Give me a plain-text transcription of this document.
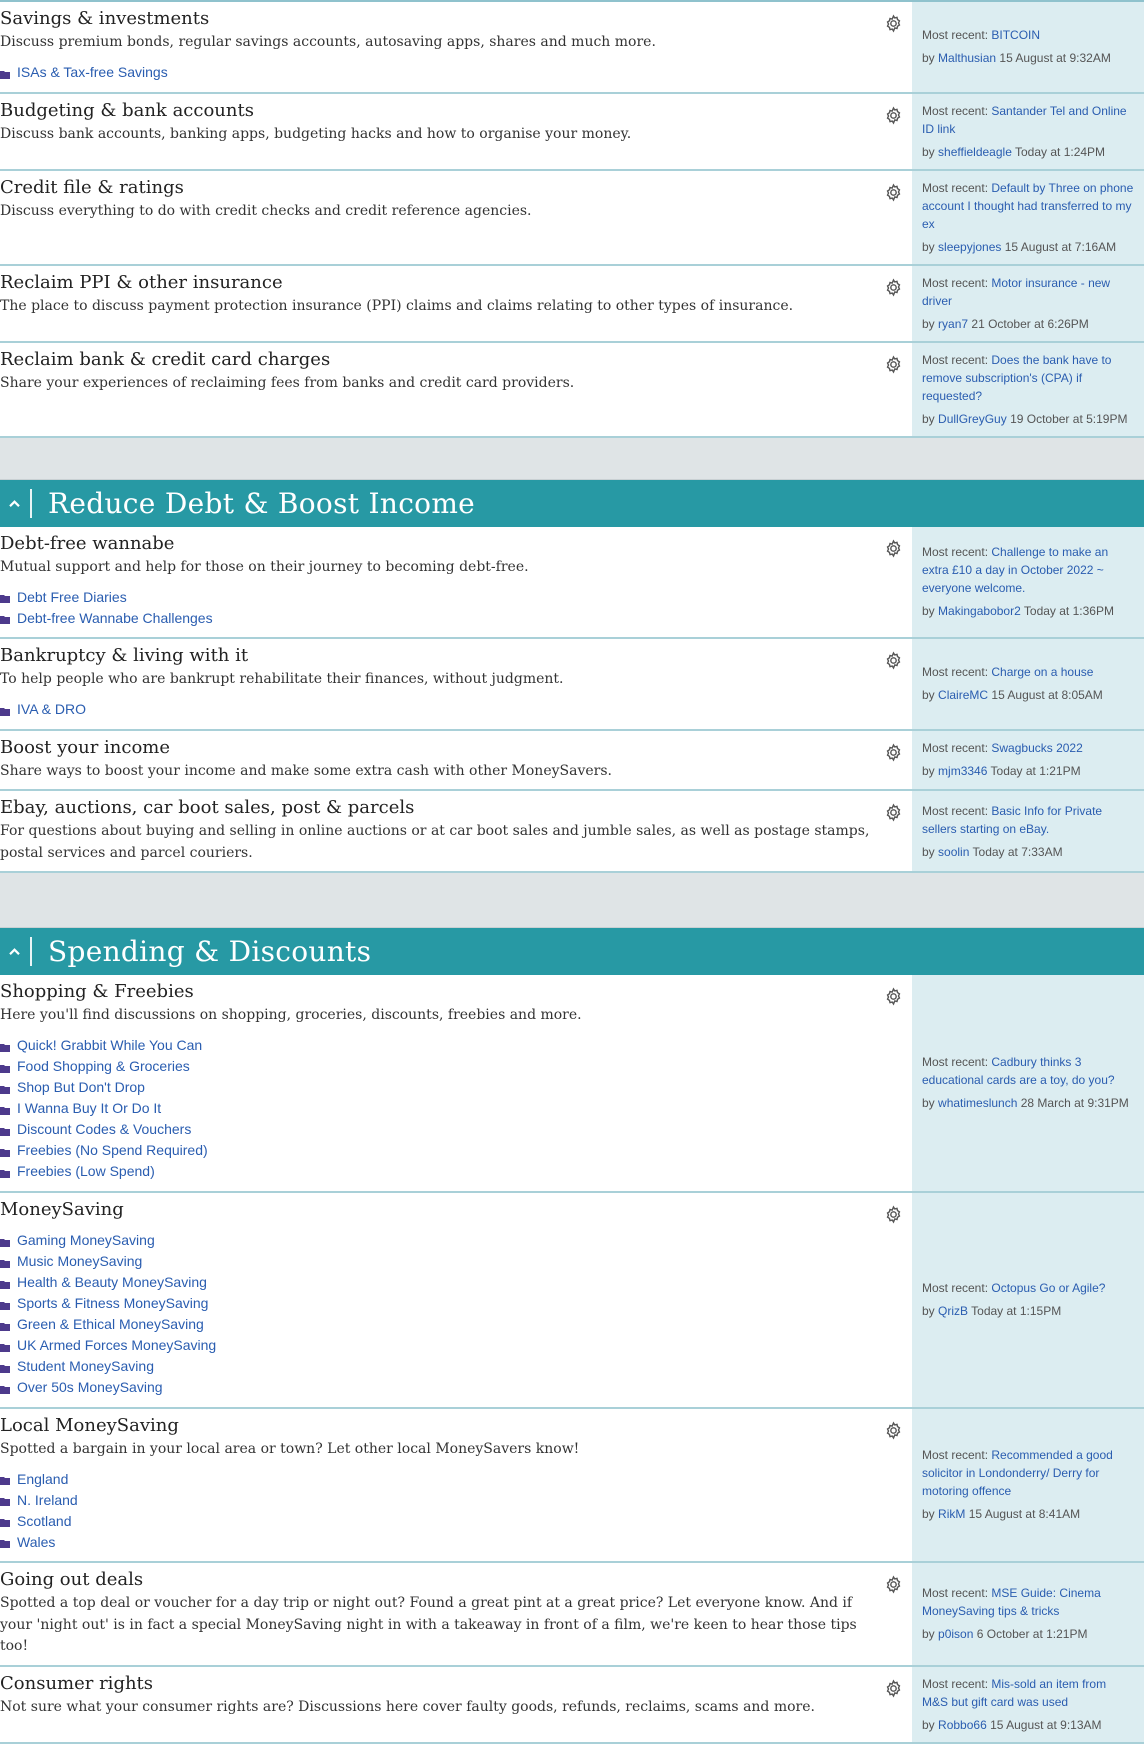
Savings & investments

Discuss premium bonds, regular savings accounts, autosaving apps, shares and much more.

ISAs & Tax-free Savings
Most recent: BITCOIN
by Malthusian 15 August at 9:32AM
Budgeting & bank accounts

Discuss bank accounts, banking apps, budgeting hacks and how to organise your money.

Most recent: Santander Tel and Online ID link
by sheffieldeagle Today at 1:24PM
Credit file & ratings

Discuss everything to do with credit checks and credit reference agencies.

Most recent: Default by Three on phone account I thought had transferred to my ex
by sleepyjones 15 August at 7:16AM
Reclaim PPI & other insurance

The place to discuss payment protection insurance (PPI) claims and claims relating to other types of insurance.

Most recent: Motor insurance - new driver
by ryan7 21 October at 6:26PM
Reclaim bank & credit card charges

Share your experiences of reclaiming fees from banks and credit card providers.

Most recent: Does the bank have to remove subscription's (CPA) if requested?
by DullGreyGuy 19 October at 5:19PM
Reduce Debt & Boost Income
Debt-free wannabe

Mutual support and help for those on their journey to becoming debt-free.

Debt Free Diaries
Debt-free Wannabe Challenges
Most recent: Challenge to make an extra £10 a day in October 2022 ~ everyone welcome.
by Makingabobor2 Today at 1:36PM
Bankruptcy & living with it

To help people who are bankrupt rehabilitate their finances, without judgment.

IVA & DRO
Most recent: Charge on a house
by ClaireMC 15 August at 8:05AM
Boost your income

Share ways to boost your income and make some extra cash with other MoneySavers.

Most recent: Swagbucks 2022
by mjm3346 Today at 1:21PM
Ebay, auctions, car boot sales, post & parcels

For questions about buying and selling in online auctions or at car boot sales and jumble sales, as well as postage stamps, postal services and parcel couriers.

Most recent: Basic Info for Private sellers starting on eBay.
by soolin Today at 7:33AM
Spending & Discounts
Shopping & Freebies

Here you'll find discussions on shopping, groceries, discounts, freebies and more.

Quick! Grabbit While You Can
Food Shopping & Groceries
Shop But Don't Drop
I Wanna Buy It Or Do It
Discount Codes & Vouchers
Freebies (No Spend Required)
Freebies (Low Spend)
Most recent: Cadbury thinks 3 educational cards are a toy, do you?
by whatimeslunch 28 March at 9:31PM
MoneySaving
Gaming MoneySaving
Music MoneySaving
Health & Beauty MoneySaving
Sports & Fitness MoneySaving
Green & Ethical MoneySaving
UK Armed Forces MoneySaving
Student MoneySaving
Over 50s MoneySaving
Most recent: Octopus Go or Agile?
by QrizB Today at 1:15PM
Local MoneySaving

Spotted a bargain in your local area or town? Let other local MoneySavers know!

England
N. Ireland
Scotland
Wales
Most recent: Recommended a good solicitor in Londonderry/ Derry for motoring offence
by RikM 15 August at 8:41AM
Going out deals

Spotted a top deal or voucher for a day trip or night out? Found a great pint at a great price? Let everyone know. And if your 'night out' is in fact a special MoneySaving night in with a takeaway in front of a film, we're keen to hear those tips too!

Most recent: MSE Guide: Cinema MoneySaving tips & tricks
by p0ison 6 October at 1:21PM
Consumer rights

Not sure what your consumer rights are? Discussions here cover faulty goods, refunds, reclaims, scams and more.

Most recent: Mis-sold an item from M&S but gift card was used
by Robbo66 15 August at 9:13AM
